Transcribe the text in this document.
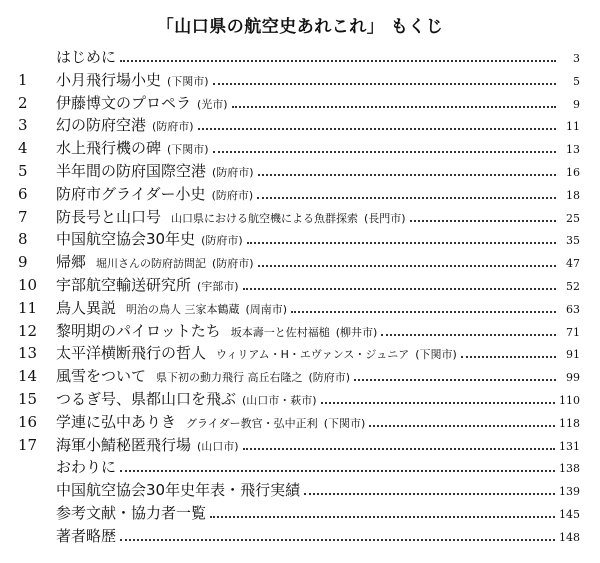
「山口県の航空史あれこれ」 もくじ
はじめに	3
1	小月飛行場小史 (下関市)	5
2	伊藤博文のプロペラ (光市)	9
3	幻の防府空港 (防府市)	11
4	水上飛行機の碑 (下関市)	13
5	半年間の防府国際空港 (防府市)	16
6	防府市グライダー小史 (防府市)	18
7	防長号と山口号 山口県における航空機による魚群探索 (長門市)	25
8	中国航空協会30年史 (防府市)	35
9	帰郷 堀川さんの防府訪問記 (防府市)	47
10	宇部航空輸送研究所 (宇部市)	52
11	鳥人異説 明治の鳥人 三家本鶴蔵 (周南市)	63
12	黎明期のパイロットたち 坂本壽一と佐村福槌 (柳井市)	71
13	太平洋横断飛行の哲人 ウィリアム・H・エヴァンス・ジュニア (下関市)	91
14	風雪をついて 県下初の動力飛行 高丘右隆之 (防府市)	99
15	つるぎ号、県都山口を飛ぶ (山口市・萩市)	110
16	学連に弘中ありき グライダー教官・弘中正利 (下関市)	118
17	海軍小鯖秘匿飛行場 (山口市)	131
おわりに	138
中国航空協会30年史年表・飛行実績	139
参考文献・協力者一覧	145
著者略歴	148
